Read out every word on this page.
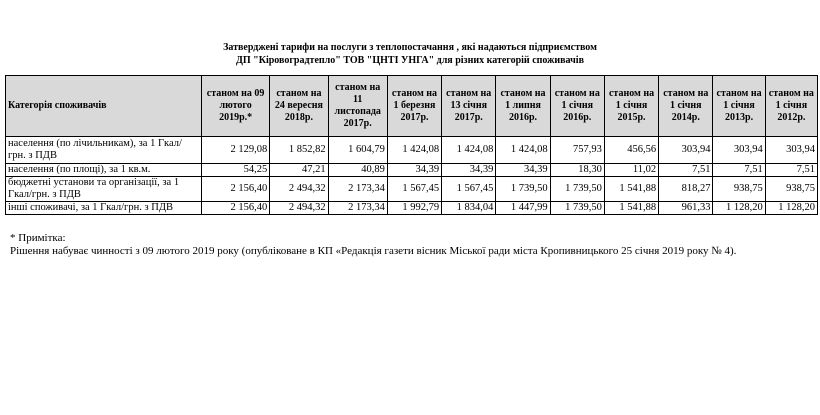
Затверджені тарифи на послуги з теплопостачання , які надаються підприємством
ДП "Кіровоградтепло" ТОВ "ЦНТІ УНГА" для різних категорій споживачів
Категорія споживачів	станом на 09 лютого 2019р.*	станом на 24 вересня 2018р.	станом на 11 листопада 2017р.	станом на 1 березня 2017р.	станом на 13 січня 2017р.	станом на 1 липня 2016р.	станом на 1 січня 2016р.	станом на 1 січня 2015р.	станом на 1 січня 2014р.	станом на 1 січня 2013р.	станом на 1 січня 2012р.
населення (по лічильникам), за 1 Гкал/грн. з ПДВ	2 129,08	1 852,82	1 604,79	1 424,08	1 424,08	1 424,08	757,93	456,56	303,94	303,94	303,94
населення (по площі), за 1 кв.м.	54,25	47,21	40,89	34,39	34,39	34,39	18,30	11,02	7,51	7,51	7,51
бюджетні установи та організації, за 1 Гкал/грн. з ПДВ	2 156,40	2 494,32	2 173,34	1 567,45	1 567,45	1 739,50	1 739,50	1 541,88	818,27	938,75	938,75
інші споживачі, за 1 Гкал/грн. з ПДВ	2 156,40	2 494,32	2 173,34	1 992,79	1 834,04	1 447,99	1 739,50	1 541,88	961,33	1 128,20	1 128,20
* Примітка:
Рішення набуває чинності з 09 лютого 2019 року (опубліковане в КП «Редакція газети вісник Міської ради міста Кропивницького 25 січня 2019 року № 4).
